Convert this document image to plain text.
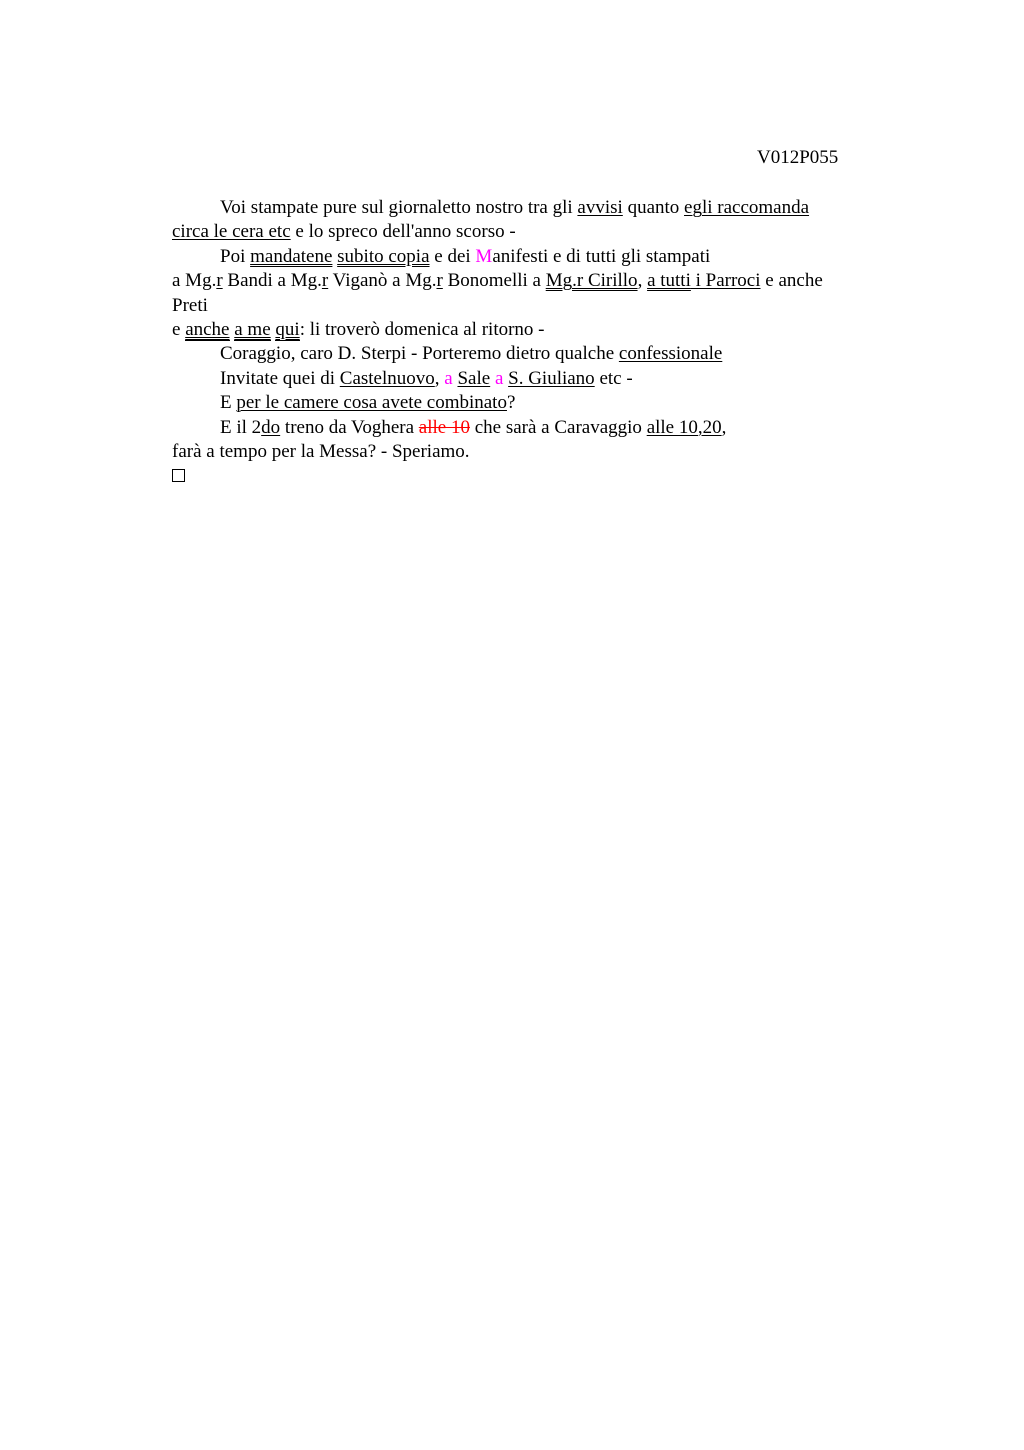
V012P055
Voi stampate pure sul giornaletto nostro tra gli avvisi quanto egli raccomanda
circa le cera etc e lo spreco dell'anno scorso -
Poi mandatene subito copia e dei Manifesti e di tutti gli stampati
a Mg.r Bandi a Mg.r Viganò a Mg.r Bonomelli a Mg.r Cirillo, a tutti i Parroci e anche
Preti
e anche a me qui: li troverò domenica al ritorno -
Coraggio, caro D. Sterpi - Porteremo dietro qualche confessionale
Invitate quei di Castelnuovo, a Sale a S. Giuliano etc -
E per le camere cosa avete combinato?
E il 2do treno da Voghera alle 10 che sarà a Caravaggio alle 10,20,
farà a tempo per la Messa? - Speriamo.
